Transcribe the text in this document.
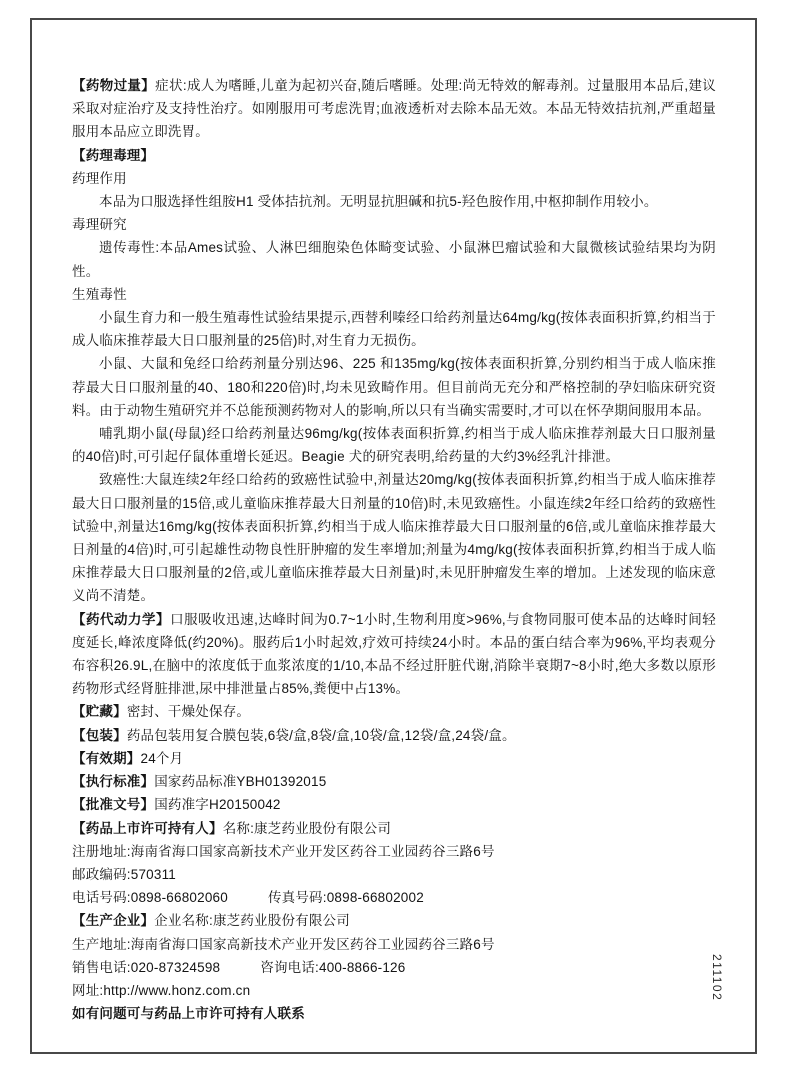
【药物过量】症状:成人为嗜睡,儿童为起初兴奋,随后嗜睡。处理:尚无特效的解毒剂。过量服用本品后,建议采取对症治疗及支持性治疗。如刚服用可考虑洗胃;血液透析对去除本品无效。本品无特效拮抗剂,严重超量服用本品应立即洗胃。
【药理毒理】
药理作用
本品为口服选择性组胺H1 受体拮抗剂。无明显抗胆碱和抗5-羟色胺作用,中枢抑制作用较小。
毒理研究
遗传毒性:本品Ames试验、人淋巴细胞染色体畸变试验、小鼠淋巴瘤试验和大鼠微核试验结果均为阴性。
生殖毒性
小鼠生育力和一般生殖毒性试验结果提示,西替利嗪经口给药剂量达64mg/kg(按体表面积折算,约相当于成人临床推荐最大日口服剂量的25倍)时,对生育力无损伤。
小鼠、大鼠和兔经口给药剂量分别达96、225 和135mg/kg(按体表面积折算,分别约相当于成人临床推荐最大日口服剂量的40、180和220倍)时,均未见致畸作用。但目前尚无充分和严格控制的孕妇临床研究资料。由于动物生殖研究并不总能预测药物对人的影响,所以只有当确实需要时,才可以在怀孕期间服用本品。
哺乳期小鼠(母鼠)经口给药剂量达96mg/kg(按体表面积折算,约相当于成人临床推荐剂最大日口服剂量的40倍)时,可引起仔鼠体重增长延迟。Beagie 犬的研究表明,给药量的大约3%经乳汁排泄。
致癌性:大鼠连续2年经口给药的致癌性试验中,剂量达20mg/kg(按体表面积折算,约相当于成人临床推荐最大日口服剂量的15倍,或儿童临床推荐最大日剂量的10倍)时,未见致癌性。小鼠连续2年经口给药的致癌性试验中,剂量达16mg/kg(按体表面积折算,约相当于成人临床推荐最大日口服剂量的6倍,或儿童临床推荐最大日剂量的4倍)时,可引起雄性动物良性肝肿瘤的发生率增加;剂量为4mg/kg(按体表面积折算,约相当于成人临床推荐最大日口服剂量的2倍,或儿童临床推荐最大日剂量)时,未见肝肿瘤发生率的增加。上述发现的临床意义尚不清楚。
【药代动力学】口服吸收迅速,达峰时间为0.7~1小时,生物利用度>96%,与食物同服可使本品的达峰时间轻度延长,峰浓度降低(约20%)。服药后1小时起效,疗效可持续24小时。本品的蛋白结合率为96%,平均表观分布容积26.9L,在脑中的浓度低于血浆浓度的1/10,本品不经过肝脏代谢,消除半衰期7~8小时,绝大多数以原形药物形式经肾脏排泄,尿中排泄量占85%,粪便中占13%。
【贮藏】密封、干燥处保存。
【包装】药品包装用复合膜包装,6袋/盒,8袋/盒,10袋/盒,12袋/盒,24袋/盒。
【有效期】24个月
【执行标准】国家药品标准YBH01392015
【批准文号】国药准字H20150042
【药品上市许可持有人】名称:康芝药业股份有限公司
注册地址:海南省海口国家高新技术产业开发区药谷工业园药谷三路6号
邮政编码:570311
电话号码:0898-66802060	传真号码:0898-66802002
【生产企业】企业名称:康芝药业股份有限公司
生产地址:海南省海口国家高新技术产业开发区药谷工业园药谷三路6号
销售电话:020-87324598	咨询电话:400-8866-126
网址:http://www.honz.com.cn
如有问题可与药品上市许可持有人联系
211102
